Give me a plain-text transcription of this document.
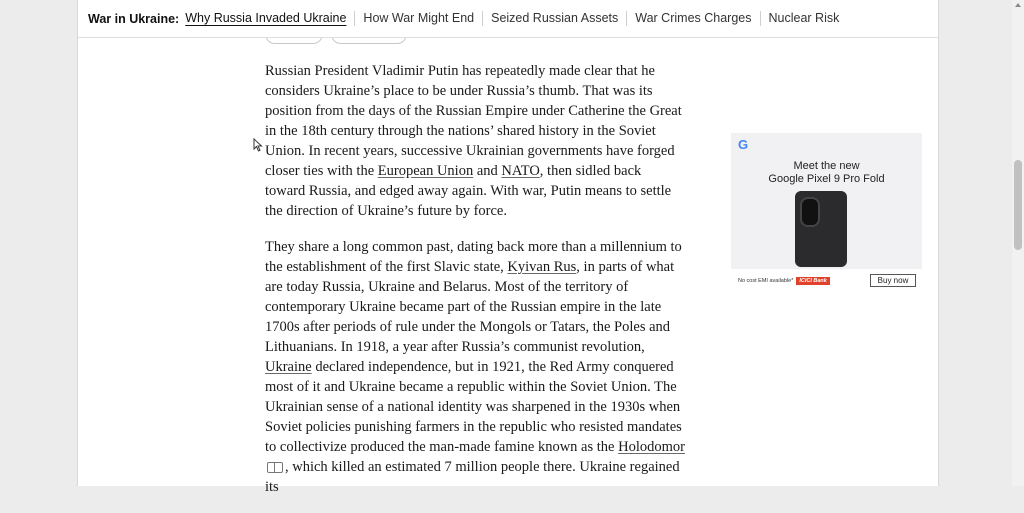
War in Ukraine: Why Russia Invaded Ukraine	How War Might End	Seized Russian Assets	War Crimes Charges	Nuclear Risk

Russian President Vladimir Putin has repeatedly made clear that he considers Ukraine’s place to be under Russia’s thumb. That was its position from the days of the Russian Empire under Catherine the Great in the 18th century through the nations’ shared history in the Soviet Union. In recent years, successive Ukrainian governments have forged closer ties with the European Union and NATO, then sidled back toward Russia, and edged away again. With war, Putin means to settle the direction of Ukraine’s future by force.

They share a long common past, dating back more than a millennium to the establishment of the first Slavic state, Kyivan Rus, in parts of what are today Russia, Ukraine and Belarus. Most of the territory of contemporary Ukraine became part of the Russian empire in the late 1700s after periods of rule under the Mongols or Tatars, the Poles and Lithuanians. In 1918, a year after Russia’s communist revolution, Ukraine declared independence, but in 1921, the Red Army conquered most of it and Ukraine became a republic within the Soviet Union. The Ukrainian sense of a national identity was sharpened in the 1930s when Soviet policies punishing farmers in the republic who resisted mandates to collectivize produced the man-made famine known as the Holodomor, which killed an estimated 7 million people there. Ukraine regained its

G
Meet the new
Google Pixel 9 Pro Fold
No cost EMI available*	ICICI Bank	Buy now
